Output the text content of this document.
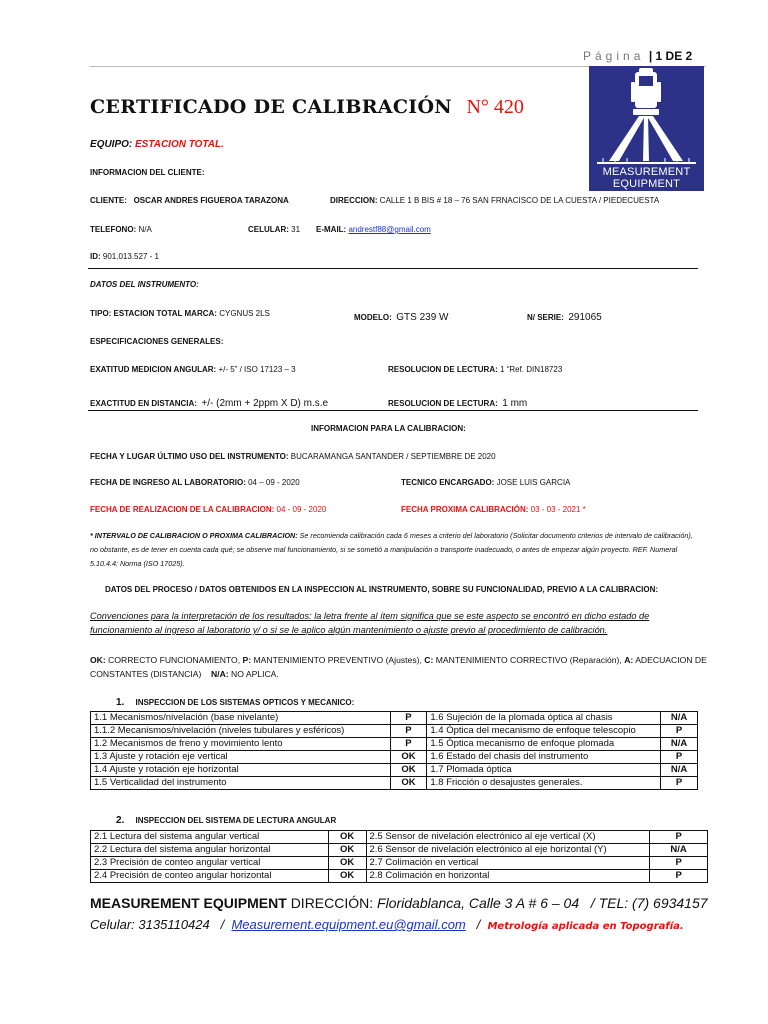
Página | 1 DE 2
CERTIFICADO DE CALIBRACIÓN N° 420
MEASUREMENT
EQUIPMENT
EQUIPO: ESTACION TOTAL.
INFORMACION DEL CLIENTE:
CLIENTE: OSCAR ANDRES FIGUEROA TARAZONA	DIRECCION: CALLE 1 B BIS # 18 – 76 SAN FRNACISCO DE LA CUESTA / PIEDECUESTA
TELEFONO: N/A	CELULAR: 31 E-MAIL: andrestf88@gmail.com
ID: 901.013.527 - 1
DATOS DEL INSTRUMENTO:
TIPO: ESTACION TOTAL MARCA: CYGNUS 2LS	MODELO: GTS 239 W	N/ SERIE: 291065
ESPECIFICACIONES GENERALES:
EXATITUD MEDICION ANGULAR: +/- 5” / ISO 17123 – 3	RESOLUCION DE LECTURA: 1 “Ref. DIN18723
EXACTITUD EN DISTANCIA: +/- (2mm + 2ppm X D) m.s.e	RESOLUCION DE LECTURA: 1 mm
INFORMACION PARA LA CALIBRACION:
FECHA Y LUGAR ÚLTIMO USO DEL INSTRUMENTO: BUCARAMANGA SANTANDER / SEPTIEMBRE DE 2020
FECHA DE INGRESO AL LABORATORIO: 04 – 09 - 2020	TECNICO ENCARGADO: JOSE LUIS GARCIA
FECHA DE REALIZACION DE LA CALIBRACION: 04 - 09 - 2020	FECHA PROXIMA CALIBRACIÓN: 03 - 03 - 2021 *
* INTERVALO DE CALIBRACION O PROXIMA CALIBRACION: Se recomienda calibración cada 6 meses a criterio del laboratorio (Solicitar documento criterios de intervalo de calibración), no obstante, es de tener en cuenta cada qué; se observe mal funcionamiento, si se sometió a manipulación o transporte inadecuado, o antes de empezar algún proyecto. REF. Numeral 5.10.4.4: Norma (ISO 17025).
DATOS DEL PROCESO / DATOS OBTENIDOS EN LA INSPECCION AL INSTRUMENTO, SOBRE SU FUNCIONALIDAD, PREVIO A LA CALIBRACION:
Convenciones para la interpretación de los resultados: la letra frente al ítem significa que se este aspecto se encontró en dicho estado de funcionamiento al ingreso al laboratorio y/ o si se le aplico algún mantenimiento o ajuste previo al procedimiento de calibración.
OK: CORRECTO FUNCIONAMIENTO, P: MANTENIMIENTO PREVENTIVO (Ajustes), C: MANTENIMIENTO CORRECTIVO (Reparación), A: ADECUACION DE CONSTANTES (DISTANCIA) N/A: NO APLICA.
1. INSPECCION DE LOS SISTEMAS OPTICOS Y MECANICO:
1.1 Mecanismos/nivelación (base nivelante)	P	1.6 Sujeción de la plomada óptica al chasis	N/A
1.1.2 Mecanismos/nivelación (niveles tubulares y esféricos)	P	1.4 Óptica del mecanismo de enfoque telescopio	P
1.2 Mecanismos de freno y movimiento lento	P	1.5 Óptica mecanismo de enfoque plomada	N/A
1.3 Ajuste y rotación eje vertical	OK	1.6 Estado del chasis del instrumento	P
1.4 Ajuste y rotación eje horizontal	OK	1.7 Plomada óptica	N/A
1.5 Verticalidad del instrumento	OK	1.8 Fricción o desajustes generales.	P
2. INSPECCION DEL SISTEMA DE LECTURA ANGULAR
2.1 Lectura del sistema angular vertical	OK	2.5 Sensor de nivelación electrónico al eje vertical (X)	P
2.2 Lectura del sistema angular horizontal	OK	2.6 Sensor de nivelación electrónico al eje horizontal (Y)	N/A
2.3 Precisión de conteo angular vertical	OK	2.7 Colimación en vertical	P
2.4 Precisión de conteo angular horizontal	OK	2.8 Colimación en horizontal	P
MEASUREMENT EQUIPMENT DIRECCIÓN: Floridablanca, Calle 3 A # 6 – 04 / TEL: (7) 6934157
Celular: 3135110424 / Measurement.equipment.eu@gmail.com / Metrología aplicada en Topografía.
